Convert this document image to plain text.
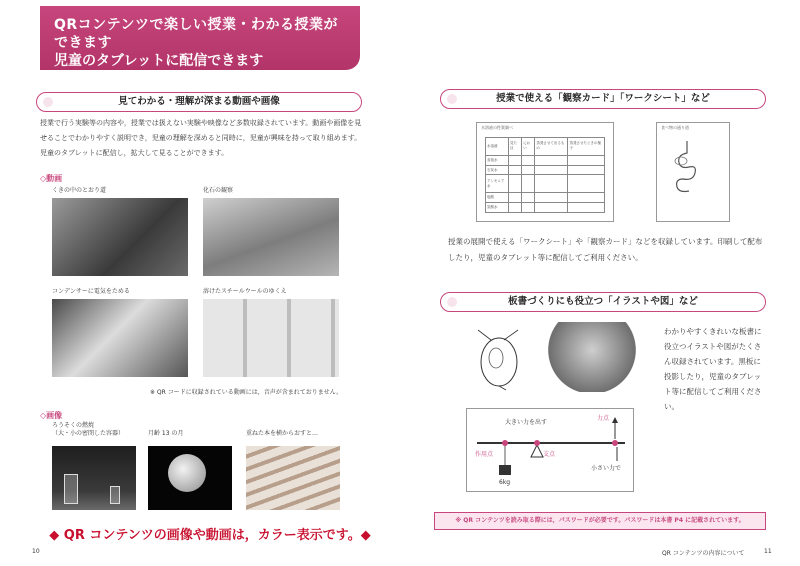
QRコンテンツで楽しい授業・わかる授業ができます
児童のタブレットに配信できます
見てわかる・理解が深まる動画や画像
授業で行う実験等の内容や，授業では扱えない実験や映像など多数収録されています。動画や画像を見せることでわかりやすく説明でき，児童の理解を深めると同時に，児童が興味を持って取り組めます。児童のタブレットに配信し，拡大して見ることができます。
◇動画
くきの中のとおり道	化石の観察
コンデンサーに電気をためる	溶けたスチールウールのゆくえ
※ QR コードに収録されている動画には，音声が含まれておりません。
◇画像
ろうそくの燃焼
（大・小の密閉した容器）	月齢 13 の月	重ねた本を横からおすと…
◆ QR コンテンツの画像や動画は，カラー表示です。◆
10
授業で使える「観察カード」「ワークシート」など
水溶液の性質調べ
水溶液	見た目	におい	蒸発させて出るもの	蒸発させたときの様子
食塩水				
石灰水				
アンモニア水				
塩酸				
炭酸水				
食べ物の通り道
授業の展開で使える「ワークシート」や「観察カード」などを収録しています。印刷して配布したり，児童のタブレット等に配信してご利用ください。
板書づくりにも役立つ「イラストや図」など
わかりやすくきれいな板書に役立つイラストや図がたくさん収録されています。黒板に投影したり，児童のタブレット等に配信してご利用ください。
大きい力を出す
力点
支点
作用点
小さい力で
6kg
※ QR コンテンツを読み取る際には，パスワードが必要です。パスワードは本書 P4 に記載されています。
QR コンテンツの内容について	11
